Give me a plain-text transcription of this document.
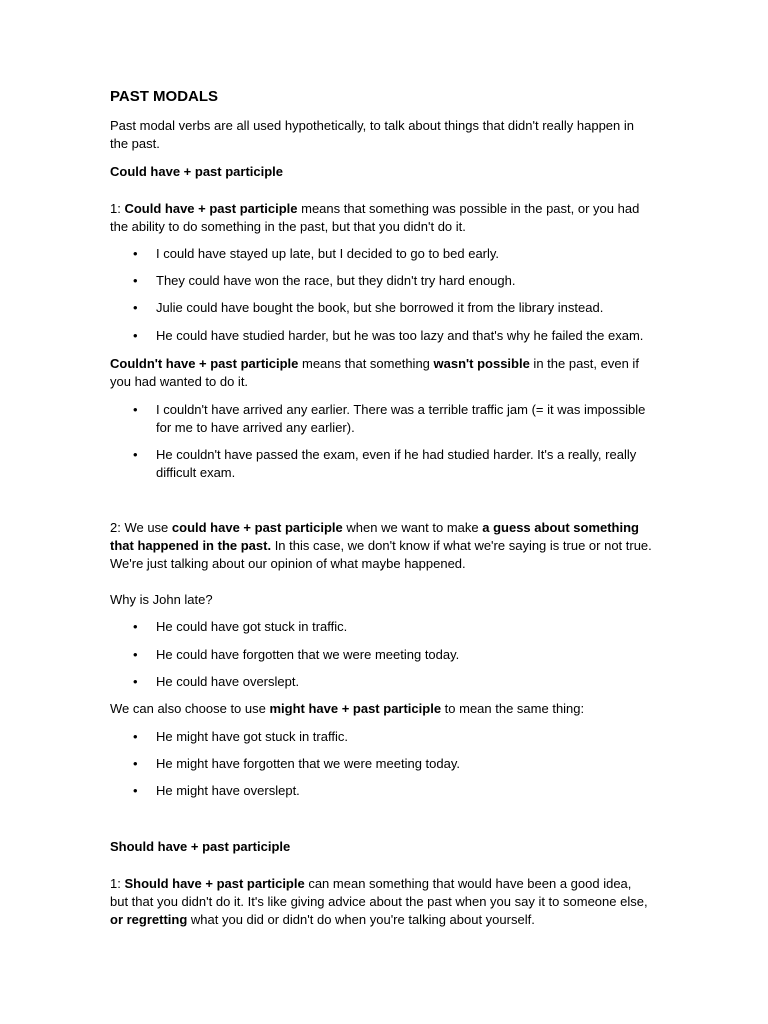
PAST MODALS
Past modal verbs are all used hypothetically, to talk about things that didn't really happen in
the past.
Could have + past participle
1: Could have + past participle means that something was possible in the past, or you had
the ability to do something in the past, but that you didn't do it.
• I could have stayed up late, but I decided to go to bed early.
• They could have won the race, but they didn't try hard enough.
• Julie could have bought the book, but she borrowed it from the library instead.
• He could have studied harder, but he was too lazy and that's why he failed the exam.
Couldn't have + past participle means that something wasn't possible in the past, even if
you had wanted to do it.
• I couldn't have arrived any earlier. There was a terrible traffic jam (= it was impossible
for me to have arrived any earlier).
• He couldn't have passed the exam, even if he had studied harder. It's a really, really
difficult exam.
2: We use could have + past participle when we want to make a guess about something
that happened in the past. In this case, we don't know if what we're saying is true or not true.
We're just talking about our opinion of what maybe happened.
Why is John late?
• He could have got stuck in traffic.
• He could have forgotten that we were meeting today.
• He could have overslept.
We can also choose to use might have + past participle to mean the same thing:
• He might have got stuck in traffic.
• He might have forgotten that we were meeting today.
• He might have overslept.
Should have + past participle
1: Should have + past participle can mean something that would have been a good idea,
but that you didn't do it. It's like giving advice about the past when you say it to someone else,
or regretting what you did or didn't do when you're talking about yourself.
